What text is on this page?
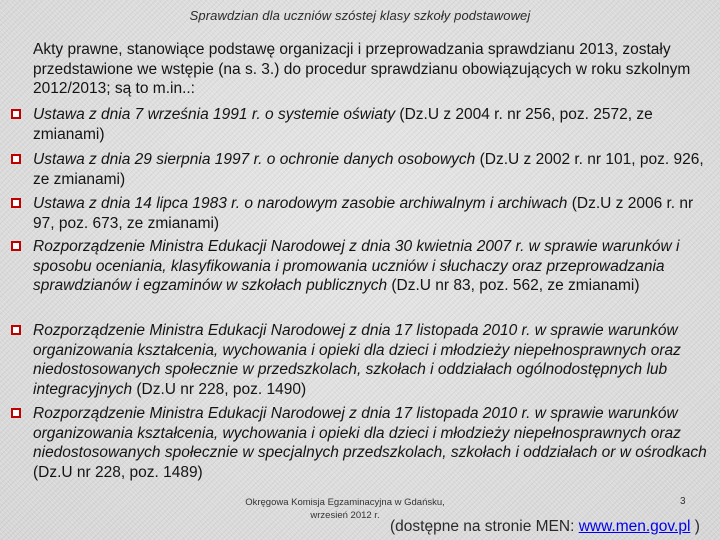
Sprawdzian dla uczniów szóstej klasy szkoły podstawowej
Akty prawne, stanowiące podstawę organizacji i przeprowadzania sprawdzianu 2013, zostały przedstawione we wstępie (na s. 3.) do procedur sprawdzianu obowiązujących w roku szkolnym 2012/2013; są to m.in..:
Ustawa z dnia 7 września 1991 r. o systemie oświaty (Dz.U z 2004 r. nr 256, poz. 2572, ze zmianami)
Ustawa z dnia 29 sierpnia 1997 r. o ochronie danych osobowych (Dz.U z 2002 r. nr 101, poz. 926, ze zmianami)
Ustawa z dnia 14 lipca 1983 r. o narodowym zasobie archiwalnym i archiwach (Dz.U z 2006 r. nr 97, poz. 673, ze zmianami)
Rozporządzenie Ministra Edukacji Narodowej z dnia 30 kwietnia 2007 r. w sprawie warunków i sposobu oceniania, klasyfikowania i promowania uczniów i słuchaczy oraz przeprowadzania sprawdzianów i egzaminów w szkołach publicznych (Dz.U nr 83, poz. 562, ze zmianami)
Rozporządzenie Ministra Edukacji Narodowej z dnia 17 listopada 2010 r. w sprawie warunków organizowania kształcenia, wychowania i opieki dla dzieci i młodzieży niepełnosprawnych oraz niedostosowanych społecznie w przedszkolach, szkołach i oddziałach ogólnodostępnych lub integracyjnych (Dz.U nr 228, poz. 1490)
Rozporządzenie Ministra Edukacji Narodowej z dnia 17 listopada 2010 r. w sprawie warunków organizowania kształcenia, wychowania i opieki dla dzieci i młodzieży niepełnosprawnych oraz niedostosowanych społecznie w specjalnych przedszkolach, szkołach i oddziałach or w ośrodkach (Dz.U nr 228, poz. 1489)
Okręgowa Komisja Egzaminacyjna w Gdańsku,
wrzesień 2012 r.
3
(dostępne na stronie MEN: www.men.gov.pl )
